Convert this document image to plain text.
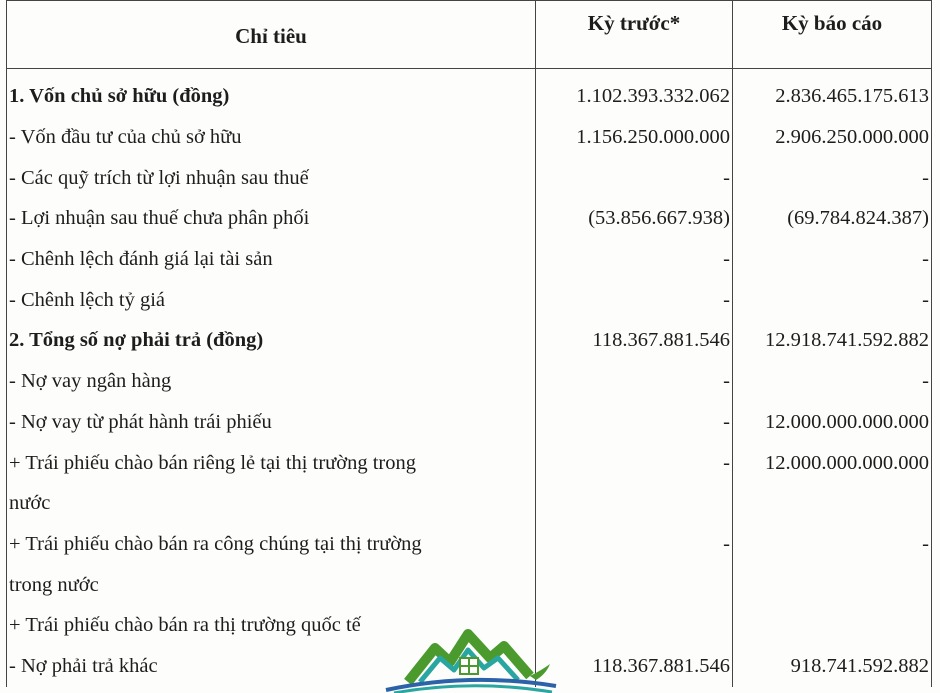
Chỉ tiêu	Kỳ trước*	Kỳ báo cáo

1. Vốn chủ sở hữu (đồng)	1.102.393.332.062	2.836.465.175.613
- Vốn đầu tư của chủ sở hữu	1.156.250.000.000	2.906.250.000.000
- Các quỹ trích từ lợi nhuận sau thuế	-	-
- Lợi nhuận sau thuế chưa phân phối	(53.856.667.938)	(69.784.824.387)
- Chênh lệch đánh giá lại tài sản	-	-
- Chênh lệch tỷ giá	-	-
2. Tổng số nợ phải trả (đồng)	118.367.881.546	12.918.741.592.882
- Nợ vay ngân hàng	-	-
- Nợ vay từ phát hành trái phiếu	-	12.000.000.000.000
+ Trái phiếu chào bán riêng lẻ tại thị trường trong	-	12.000.000.000.000
nước		
+ Trái phiếu chào bán ra công chúng tại thị trường	-	-
trong nước		
+ Trái phiếu chào bán ra thị trường quốc tế		
- Nợ phải trả khác	118.367.881.546	918.741.592.882
